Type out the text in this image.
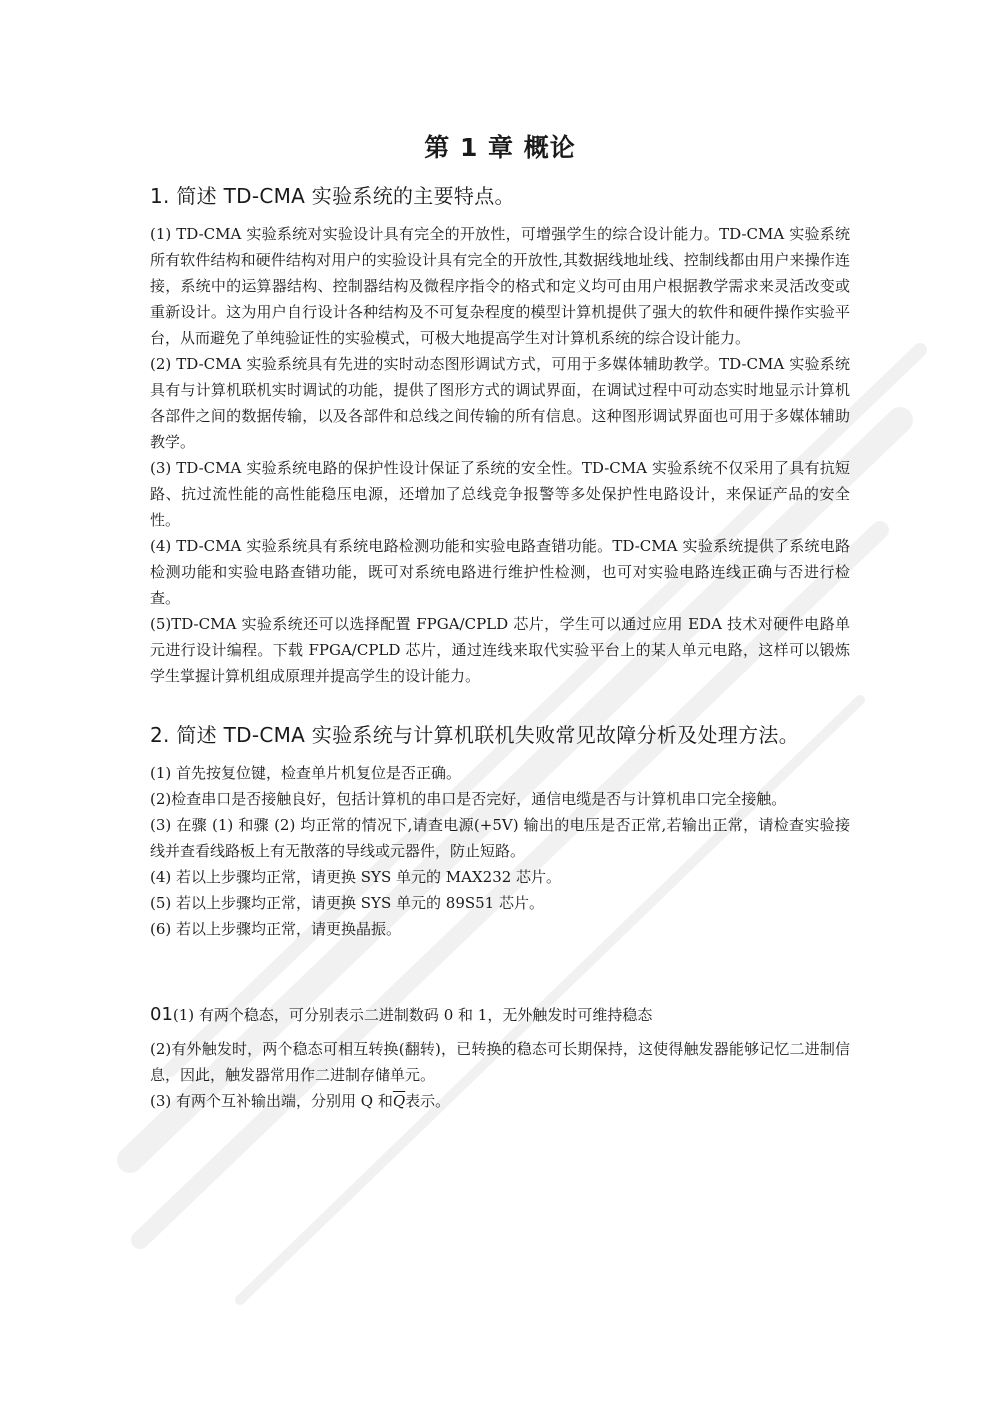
第 1 章 概论
1. 简述 TD-CMA 实验系统的主要特点。

(1) TD-CMA 实验系统对实验设计具有完全的开放性，可增强学生的综合设计能力。TD-CMA 实验系统所有软件结构和硬件结构对用户的实验设计具有完全的开放性,其数据线地址线、控制线都由用户来操作连接，系统中的运算器结构、控制器结构及微程序指令的格式和定义均可由用户根据教学需求来灵活改变或重新设计。这为用户自行设计各种结构及不可复杂程度的模型计算机提供了强大的软件和硬件操作实验平台，从而避免了单纯验证性的实验模式，可极大地提高学生对计算机系统的综合设计能力。

(2) TD-CMA 实验系统具有先进的实时动态图形调试方式，可用于多媒体辅助教学。TD-CMA 实验系统具有与计算机联机实时调试的功能，提供了图形方式的调试界面，在调试过程中可动态实时地显示计算机各部件之间的数据传输，以及各部件和总线之间传输的所有信息。这种图形调试界面也可用于多媒体辅助教学。

(3) TD-CMA 实验系统电路的保护性设计保证了系统的安全性。TD-CMA 实验系统不仅采用了具有抗短路、抗过流性能的高性能稳压电源，还增加了总线竞争报警等多处保护性电路设计，来保证产品的安全性。

(4) TD-CMA 实验系统具有系统电路检测功能和实验电路查错功能。TD-CMA 实验系统提供了系统电路检测功能和实验电路查错功能，既可对系统电路进行维护性检测，也可对实验电路连线正确与否进行检查。

(5)TD-CMA 实验系统还可以选择配置 FPGA/CPLD 芯片，学生可以通过应用 EDA 技术对硬件电路单元进行设计编程。下载 FPGA/CPLD 芯片，通过连线来取代实验平台上的某人单元电路，这样可以锻炼学生掌握计算机组成原理并提高学生的设计能力。

2. 简述 TD-CMA 实验系统与计算机联机失败常见故障分析及处理方法。

(1) 首先按复位键，检查单片机复位是否正确。

(2)检查串口是否接触良好，包括计算机的串口是否完好，通信电缆是否与计算机串口完全接触。

(3) 在骤 (1) 和骤 (2) 均正常的情况下,请查电源(+5V) 输出的电压是否正常,若输出正常，请检查实验接线并查看线路板上有无散落的导线或元器件，防止短路。

(4) 若以上步骤均正常，请更换 SYS 单元的 MAX232 芯片。

(5) 若以上步骤均正常，请更换 SYS 单元的 89S51 芯片。

(6) 若以上步骤均正常，请更换晶振。

01(1) 有两个稳态，可分别表示二进制数码 0 和 1，无外触发时可维持稳态

(2)有外触发时，两个稳态可相互转换(翻转)，已转换的稳态可长期保持，这使得触发器能够记忆二进制信息，因此，触发器常用作二进制存储单元。

(3) 有两个互补输出端，分别用 Q 和$\overline{Q}$表示。
